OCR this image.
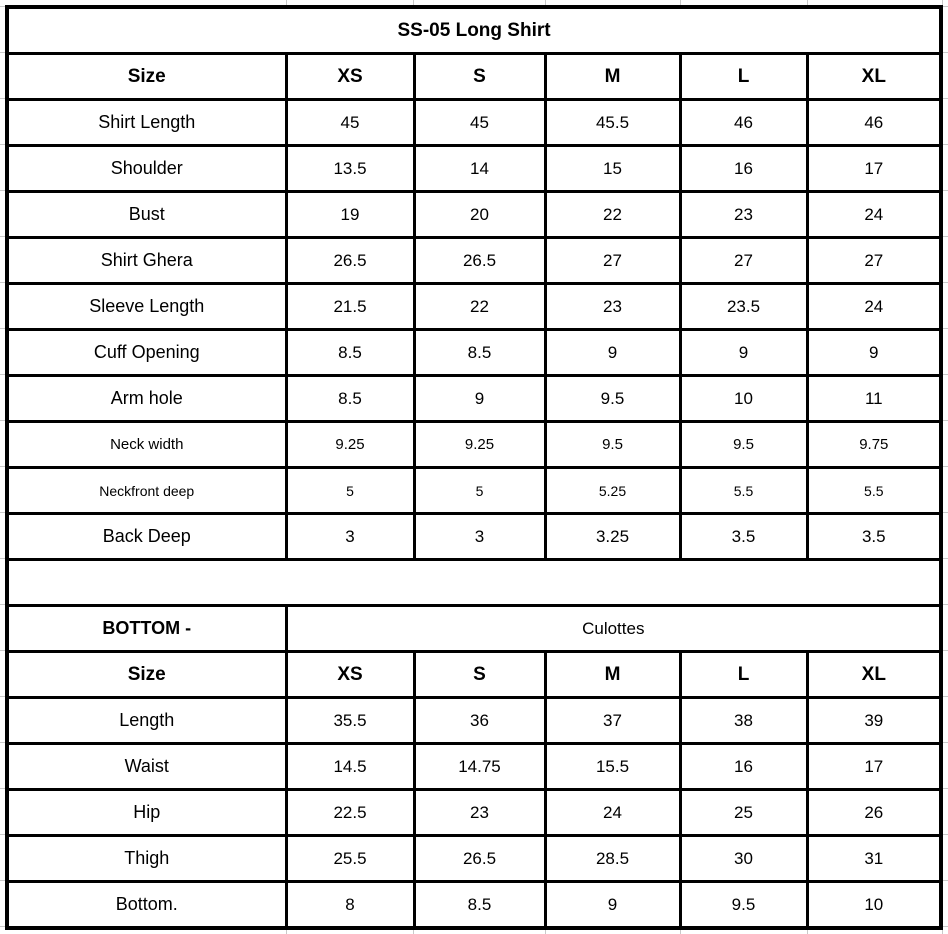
SS-05 Long Shirt					
Size	XS	S	M	L	XL
Shirt Length	45	45	45.5	46	46
Shoulder	13.5	14	15	16	17
Bust	19	20	22	23	24
Shirt Ghera	26.5	26.5	27	27	27
Sleeve Length	21.5	22	23	23.5	24
Cuff Opening	8.5	8.5	9	9	9
Arm hole	8.5	9	9.5	10	11
Neck width	9.25	9.25	9.5	9.5	9.75
Neckfront deep	5	5	5.25	5.5	5.5
Back Deep	3	3	3.25	3.5	3.5

BOTTOM -	Culottes				
Size	XS	S	M	L	XL
Length	35.5	36	37	38	39
Waist	14.5	14.75	15.5	16	17
Hip	22.5	23	24	25	26
Thigh	25.5	26.5	28.5	30	31
Bottom.	8	8.5	9	9.5	10
